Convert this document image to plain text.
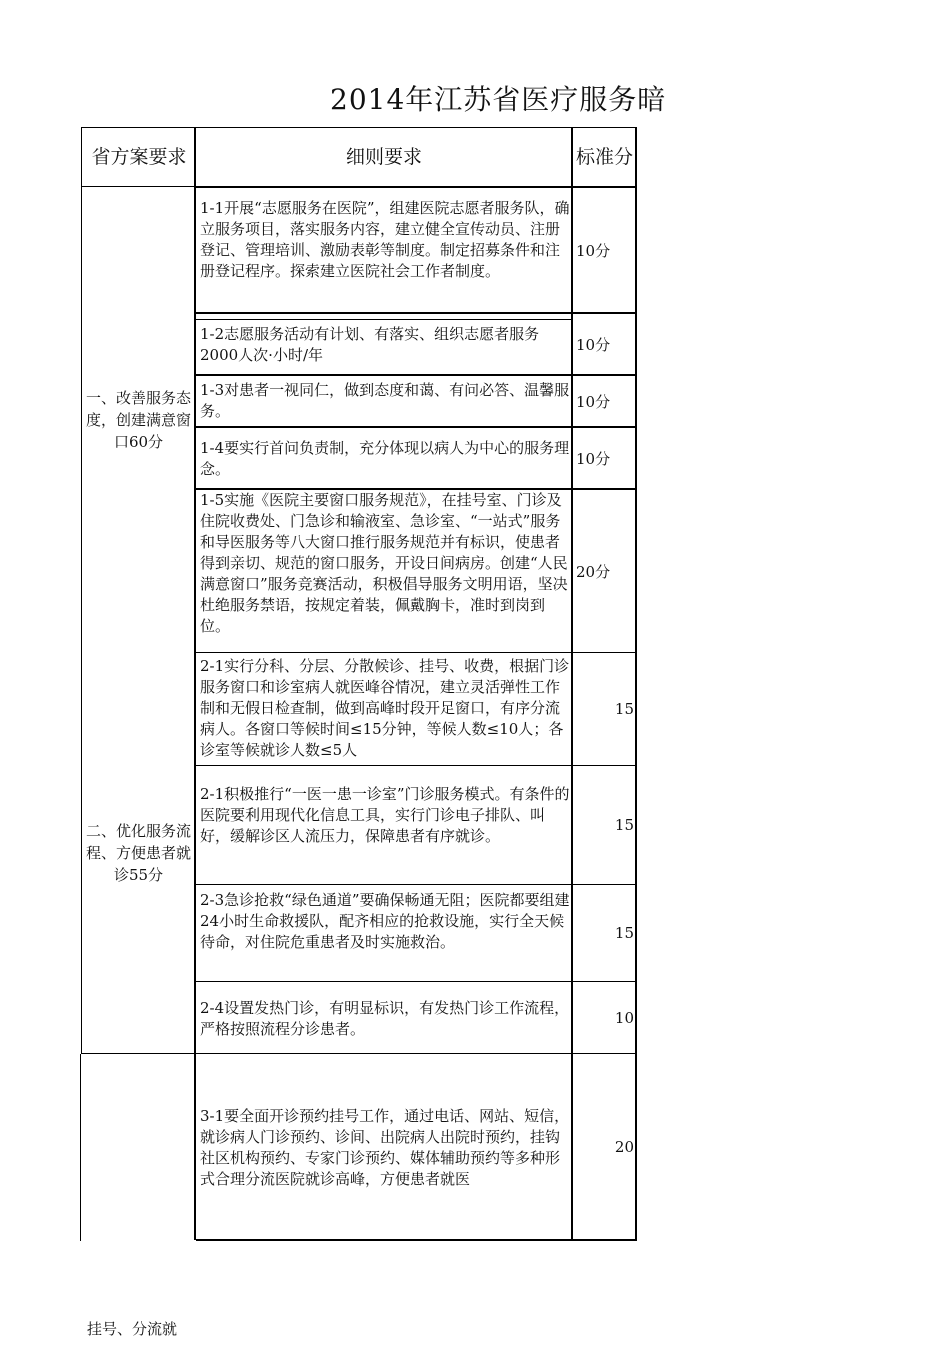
2014年江苏省医疗服务暗
省方案要求	细则要求	标准分
一、改善服务态度，创建满意窗口60分
二、优化服务流程、方便患者就诊55分
1-1开展“志愿服务在医院”，组建医院志愿者服务队，确立服务项目，落实服务内容，建立健全宣传动员、注册登记、管理培训、激励表彰等制度。制定招募条件和注册登记程序。探索建立医院社会工作者制度。
1-2志愿服务活动有计划、有落实、组织志愿者服务2000人次·小时/年
1-3对患者一视同仁，做到态度和蔼、有问必答、温馨服务。
1-4要实行首问负责制，充分体现以病人为中心的服务理念。
1-5实施《医院主要窗口服务规范》，在挂号室、门诊及住院收费处、门急诊和输液室、急诊室、“一站式”服务和导医服务等八大窗口推行服务规范并有标识，使患者得到亲切、规范的窗口服务，开设日间病房。创建“人民满意窗口”服务竞赛活动，积极倡导服务文明用语，坚决杜绝服务禁语，按规定着装，佩戴胸卡，准时到岗到位。
2-1实行分科、分层、分散候诊、挂号、收费，根据门诊服务窗口和诊室病人就医峰谷情况，建立灵活弹性工作制和无假日检查制，做到高峰时段开足窗口，有序分流病人。各窗口等候时间≤15分钟，等候人数≤10人；各诊室等候就诊人数≤5人
2-1积极推行“一医一患一诊室”门诊服务模式。有条件的医院要利用现代化信息工具，实行门诊电子排队、叫好，缓解诊区人流压力，保障患者有序就诊。
2-3急诊抢救“绿色通道”要确保畅通无阻；医院都要组建24小时生命救援队，配齐相应的抢救设施，实行全天候待命，对住院危重患者及时实施救治。
2-4设置发热门诊，有明显标识，有发热门诊工作流程，严格按照流程分诊患者。
3-1要全面开诊预约挂号工作，通过电话、网站、短信，就诊病人门诊预约、诊间、出院病人出院时预约，挂钩社区机构预约、专家门诊预约、媒体辅助预约等多种形式合理分流医院就诊高峰，方便患者就医
10分
10分
10分
10分
20分
15
15
15
10
20
挂号、分流就
